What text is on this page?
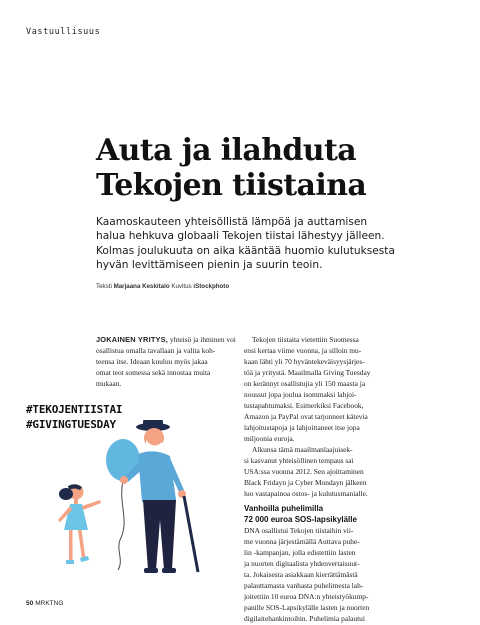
Vastuullisuus
Auta ja ilahduta
Tekojen tiistaina

Kaamoskauteen yhteisöllistä lämpöä ja auttamisen
halua hehkuva globaali Tekojen tiistai lähestyy jälleen.
Kolmas joulukuuta on aika kääntää huomio kulutuksesta
hyvän levittämiseen pienin ja suurin teoin.

Teksti Marjaana Keskitalo Kuvitus iStockphoto
JOKAINEN YRITYS, yhteisö ja ihminen voi
osallistua omalla tavallaan ja valita koh-
teensa itse. Ideaan kuuluu myös jakaa
omat teot somessa sekä innostaa muita
mukaan.
Tekojen tiistaita vietettiin Suomessa
ensi kertaa viime vuonna, ja silloin mu-
kaan lähti yli 70 hyväntekeväisyysjärjes-
töä ja yritystä. Maailmalla Giving Tuesday
on kerännyt osallistujia yli 150 maasta ja
noussut jopa joulua isommaksi lahjoi-
tustapahtumaksi. Esimerkiksi Facebook,
Amazon ja PayPal ovat tarjonneet kätevia
lahjoitustapoja ja lahjoittaneet itse jopa
miljoonia euroja.
Alkunsa tämä maailmanlaajuisek-
si kasvanut yhteisöllinen tempaus sai
USA:ssa vuonna 2012. Sen ajoittaminen
Black Fridayn ja Cyber Mondayn jälkeen
luo vastapainoa ostos- ja kulutusmanialle.
Vanhoilla puhelimilla
72 000 euroa SOS-lapsikylälle
DNA osallistui Tekojen tiistaihin vii-
me vuonna järjestämällä Auttava puhe-
lin -kampanjan, jolla edistettiin lasten
ja nuorten digitaalista yhdenvertaisuut-
ta. Jokaisesta asiakkaan kierrättämästä
palauttamasta vanhasta puhelimesta lah-
joitettiin 10 euroa DNA:n yhteistyökump-
panille SOS-Lapsikylälle lasten ja nuorten
digilaitehankintoihin. Puhelimia palautui
#TEKOJENTIISTAI
#GIVINGTUESDAY
50 MRKTNG
